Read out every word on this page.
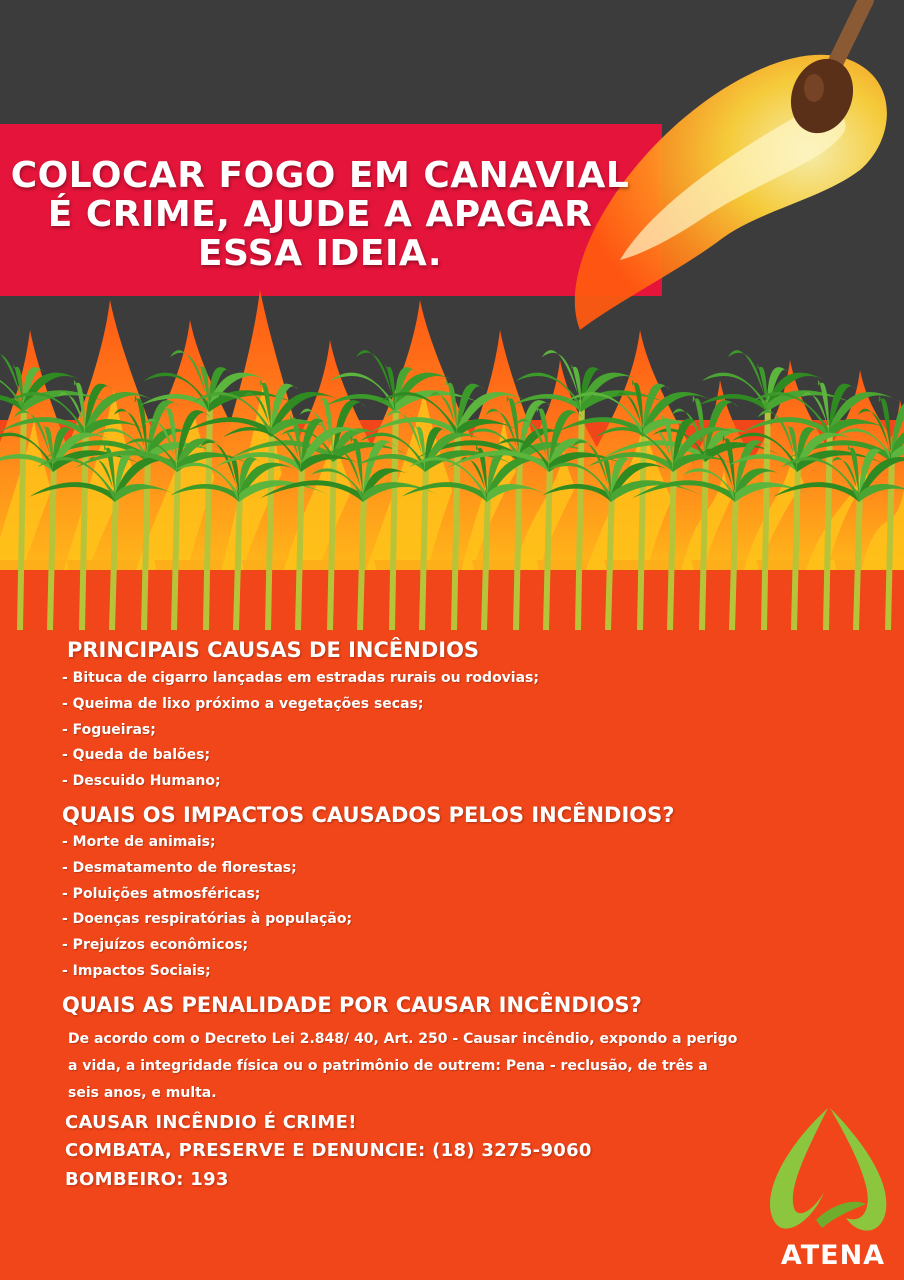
COLOCAR FOGO EM CANAVIAL
É CRIME, AJUDE A APAGAR
ESSA IDEIA.
PRINCIPAIS CAUSAS DE INCÊNDIOS
- Bituca de cigarro lançadas em estradas rurais ou rodovias;
- Queima de lixo próximo a vegetações secas;
- Fogueiras;
- Queda de balões;
- Descuido Humano;
QUAIS OS IMPACTOS CAUSADOS PELOS INCÊNDIOS?
- Morte de animais;
- Desmatamento de florestas;
- Poluições atmosféricas;
- Doenças respiratórias à população;
- Prejuízos econômicos;
- Impactos Sociais;
QUAIS AS PENALIDADE POR CAUSAR INCÊNDIOS?
De acordo com o Decreto Lei 2.848/ 40, Art. 250 - Causar incêndio, expondo a perigo
a vida, a integridade física ou o patrimônio de outrem: Pena - reclusão, de três a
seis anos, e multa.
CAUSAR INCÊNDIO É CRIME!
COMBATA, PRESERVE E DENUNCIE: (18) 3275-9060
BOMBEIRO: 193
ATENA
